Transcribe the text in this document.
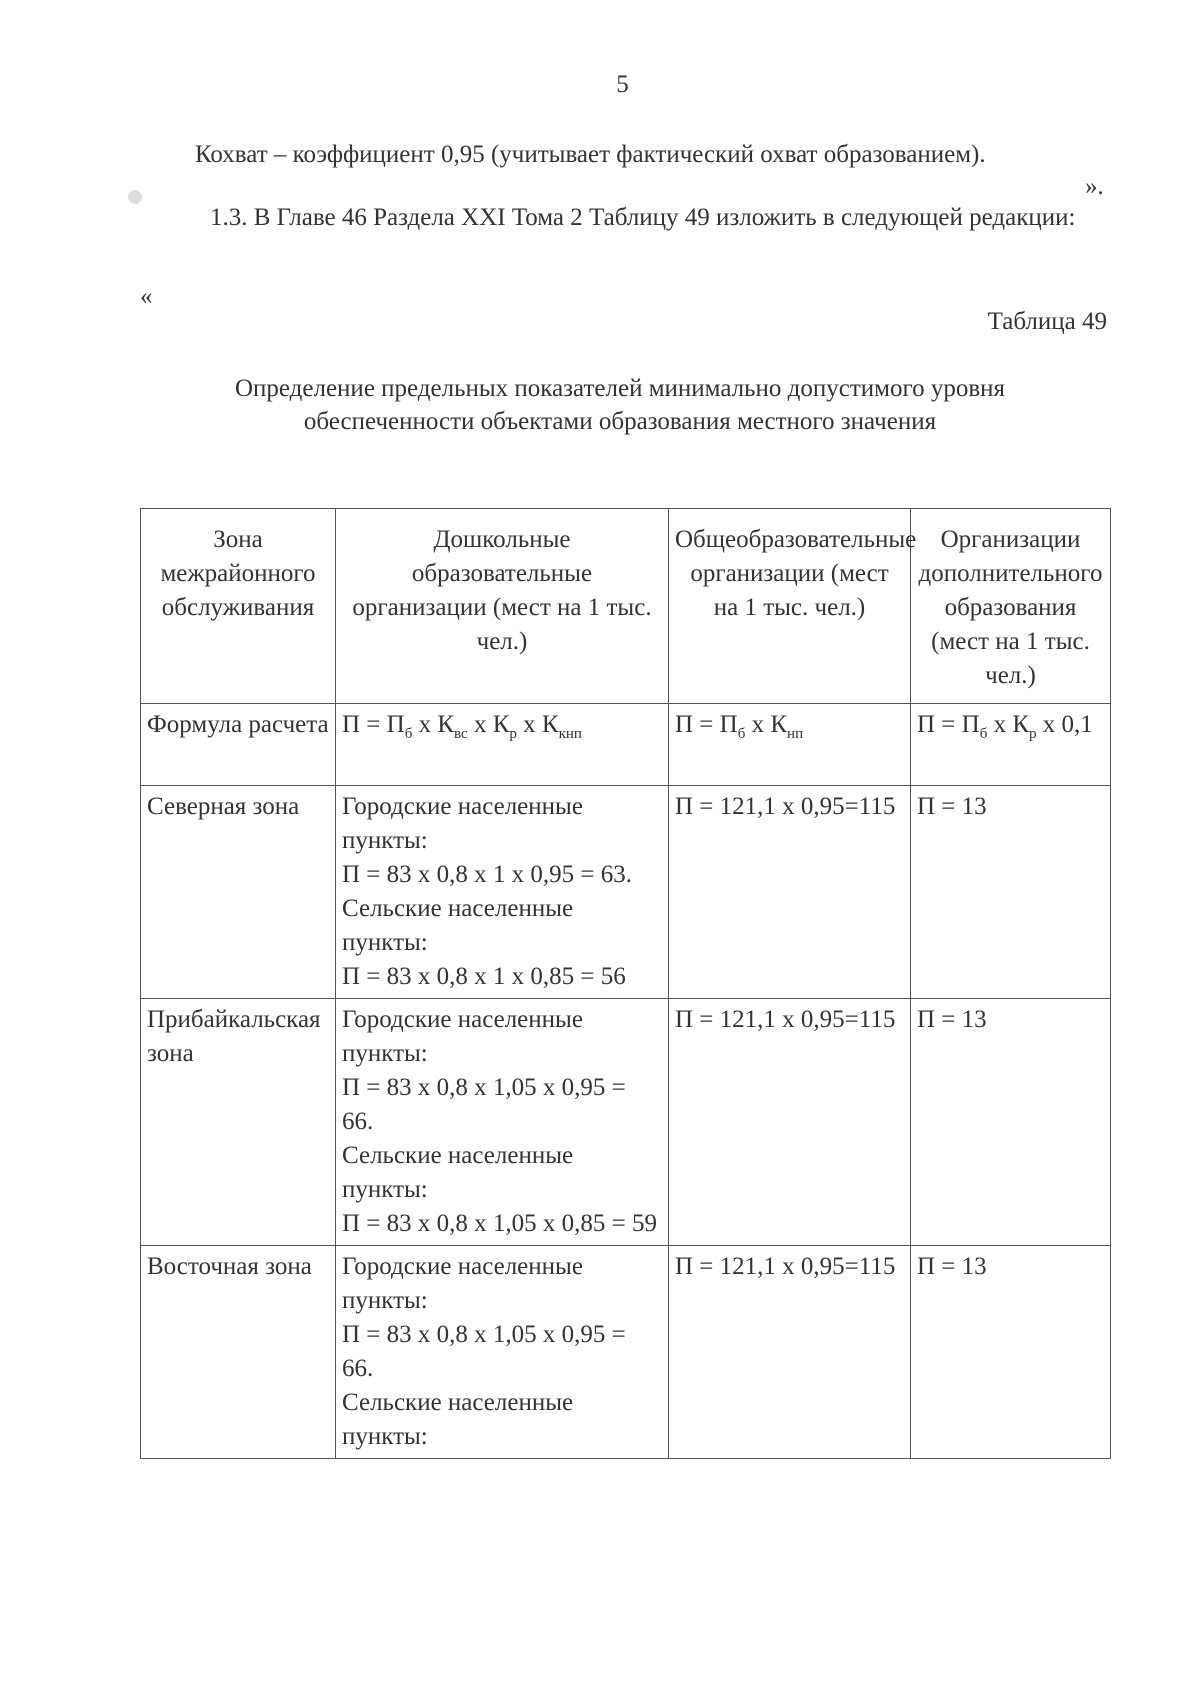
5
Кохват – коэффициент 0,95 (учитывает фактический охват образованием).
».
1.3. В Главе 46 Раздела XXI Тома 2 Таблицу 49 изложить в следующей редакции:
«
Таблица 49
Определение предельных показателей минимально допустимого уровня обеспеченности объектами образования местного значения
Зона межрайонного обслуживания	Дошкольные образовательные организации (мест на 1 тыс. чел.)	Общеобразовательные организации (мест на 1 тыс. чел.)	Организации дополнительного образования (мест на 1 тыс. чел.)
Формула расчета	$П = П_б$ х $К_{вс}$ х $К_р$ х $К_{кнп}$	$П = П_б$ х $К_{нп}$	$П = П_б$ х $К_р$ х 0,1
Северная зона	Городские населенные пункты:
П = 83 х 0,8 х 1 х 0,95 = 63.
Сельские населенные пункты:
П = 83 х 0,8 х 1 х 0,85 = 56	П = 121,1 х 0,95=115	П = 13
Прибайкальская зона	Городские населенные пункты:
П = 83 х 0,8 х 1,05 х 0,95 = 66.
Сельские населенные пункты:
П = 83 х 0,8 х 1,05 х 0,85 = 59	П = 121,1 х 0,95=115	П = 13
Восточная зона	Городские населенные пункты:
П = 83 х 0,8 х 1,05 х 0,95 = 66.
Сельские населенные пункты:	П = 121,1 х 0,95=115	П = 13
